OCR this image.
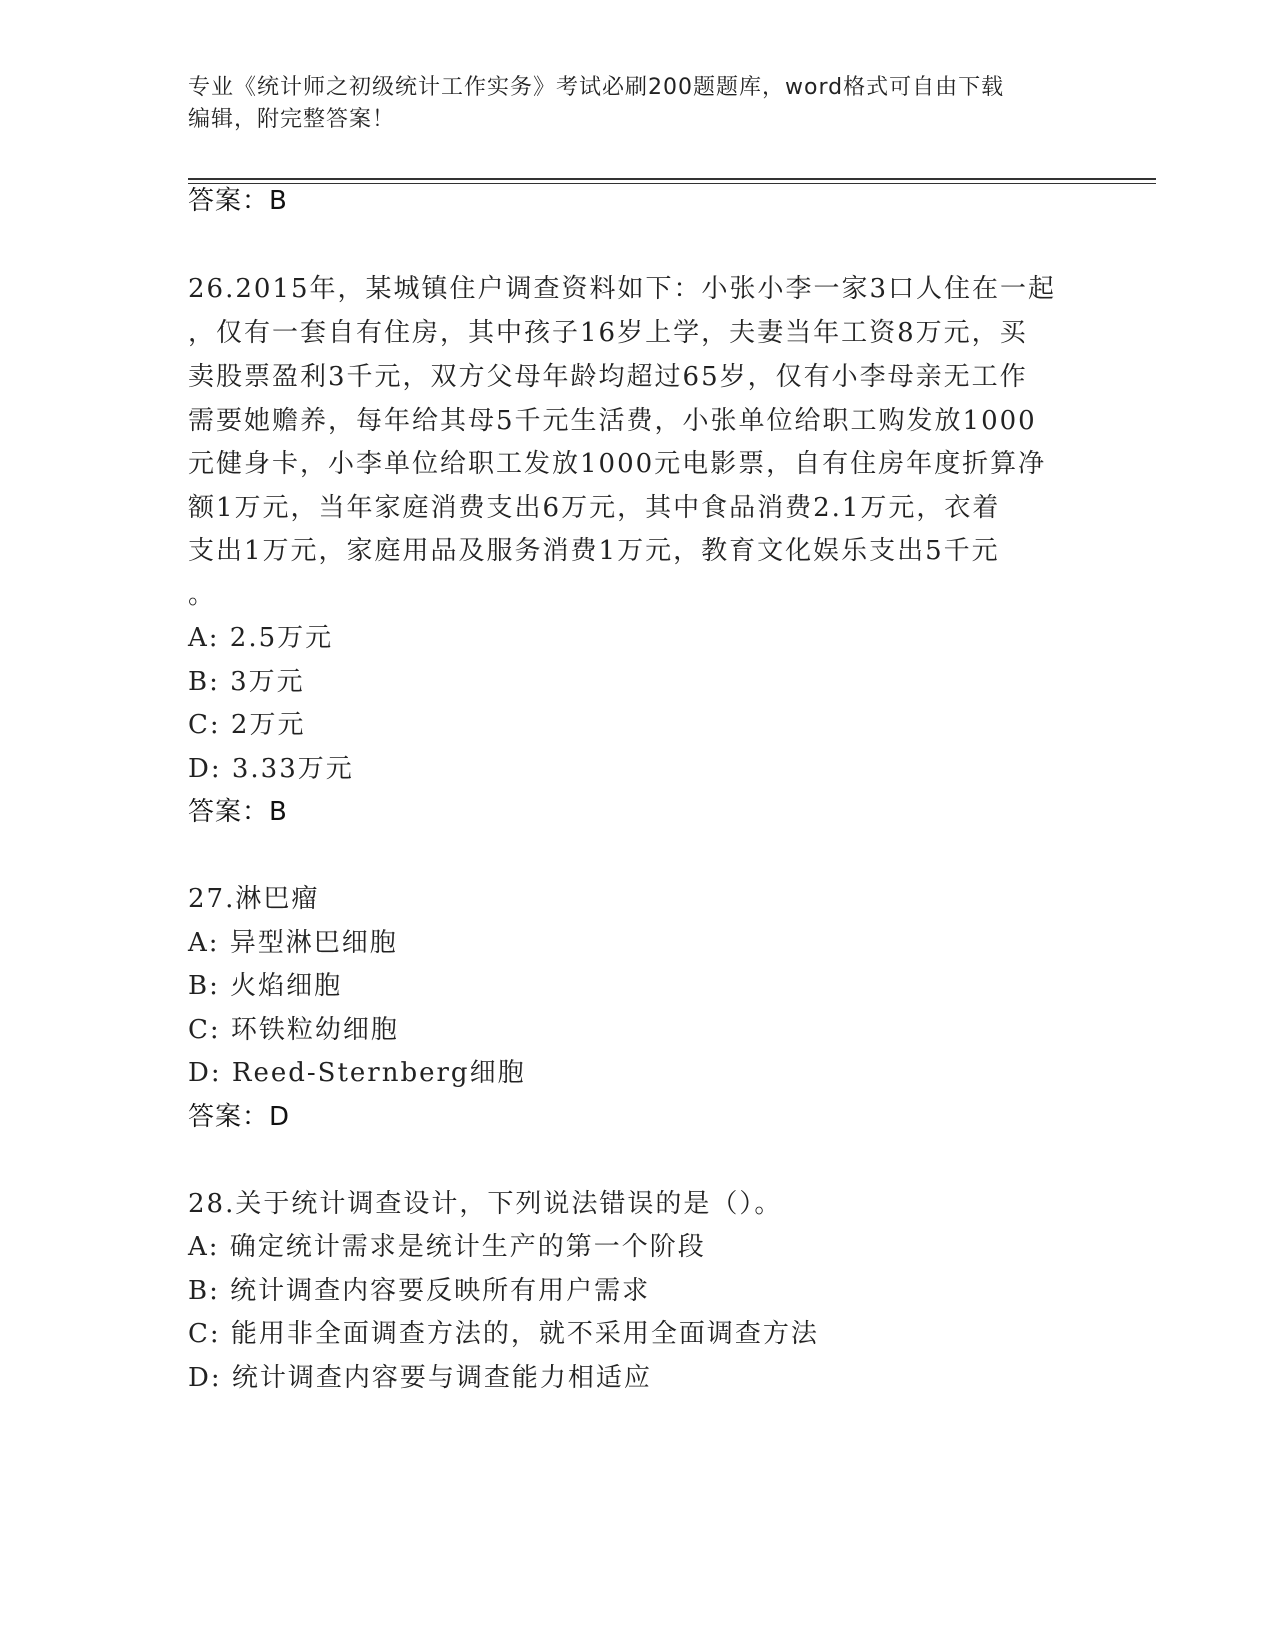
专业《统计师之初级统计工作实务》考试必刷200题题库，word格式可自由下载
编辑，附完整答案！
答案：B
26.2015年，某城镇住户调查资料如下：小张小李一家3口人住在一起
，仅有一套自有住房，其中孩子16岁上学，夫妻当年工资8万元，买
卖股票盈利3千元，双方父母年龄均超过65岁，仅有小李母亲无工作
需要她赡养，每年给其母5千元生活费，小张单位给职工购发放1000
元健身卡，小李单位给职工发放1000元电影票，自有住房年度折算净
额1万元，当年家庭消费支出6万元，其中食品消费2.1万元，衣着
支出1万元，家庭用品及服务消费1万元，教育文化娱乐支出5千元
。
A: 2.5万元
B: 3万元
C: 2万元
D: 3.33万元
答案：B
27.淋巴瘤
A: 异型淋巴细胞
B: 火焰细胞
C: 环铁粒幼细胞
D: Reed-Sternberg细胞
答案：D
28.关于统计调查设计，下列说法错误的是（）。
A: 确定统计需求是统计生产的第一个阶段
B: 统计调查内容要反映所有用户需求
C: 能用非全面调查方法的，就不采用全面调查方法
D: 统计调查内容要与调查能力相适应
